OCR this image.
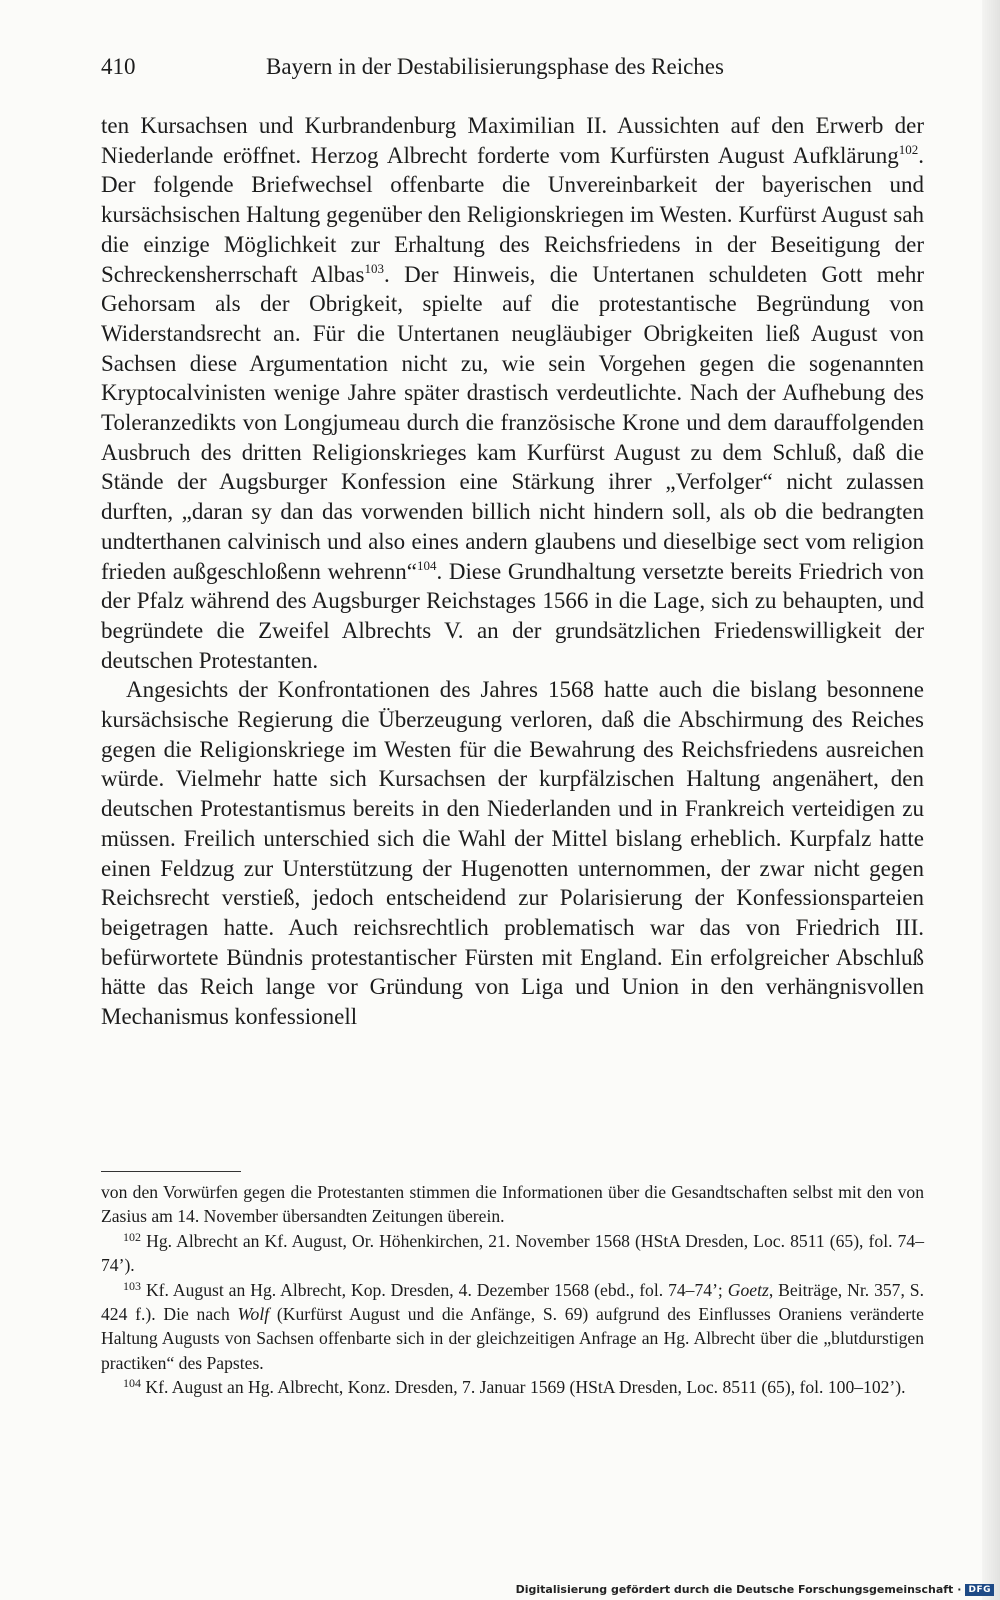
410	Bayern in der Destabilisierungsphase des Reiches

ten Kursachsen und Kurbrandenburg Maximilian II. Aussichten auf den Erwerb der Niederlande eröffnet. Herzog Albrecht forderte vom Kurfürsten August Aufklärung$^{102}$. Der folgende Briefwechsel offenbarte die Unvereinbarkeit der bayerischen und kursächsischen Haltung gegenüber den Religionskriegen im Westen. Kurfürst August sah die einzige Möglichkeit zur Erhaltung des Reichsfriedens in der Beseitigung der Schreckensherrschaft Albas$^{103}$. Der Hinweis, die Untertanen schuldeten Gott mehr Gehorsam als der Obrigkeit, spielte auf die protestantische Begründung von Widerstandsrecht an. Für die Untertanen neugläubiger Obrigkeiten ließ August von Sachsen diese Argumentation nicht zu, wie sein Vorgehen gegen die sogenannten Kryptocalvinisten wenige Jahre später drastisch verdeutlichte. Nach der Aufhebung des Toleranzedikts von Longjumeau durch die französische Krone und dem darauffolgenden Ausbruch des dritten Religionskrieges kam Kurfürst August zu dem Schluß, daß die Stände der Augsburger Konfession eine Stärkung ihrer „Verfolger“ nicht zulassen durften, „daran sy dan das vorwenden billich nicht hindern soll, als ob die bedrangten undterthanen calvinisch und also eines andern glaubens und dieselbige sect vom religion frieden außgeschloßenn wehrenn“$^{104}$. Diese Grundhaltung versetzte bereits Friedrich von der Pfalz während des Augsburger Reichstages 1566 in die Lage, sich zu behaupten, und begründete die Zweifel Albrechts V. an der grundsätzlichen Friedenswilligkeit der deutschen Protestanten.

Angesichts der Konfrontationen des Jahres 1568 hatte auch die bislang besonnene kursächsische Regierung die Überzeugung verloren, daß die Abschirmung des Reiches gegen die Religionskriege im Westen für die Bewahrung des Reichsfriedens ausreichen würde. Vielmehr hatte sich Kursachsen der kurpfälzischen Haltung angenähert, den deutschen Protestantismus bereits in den Niederlanden und in Frankreich verteidigen zu müssen. Freilich unterschied sich die Wahl der Mittel bislang erheblich. Kurpfalz hatte einen Feldzug zur Unterstützung der Hugenotten unternommen, der zwar nicht gegen Reichsrecht verstieß, jedoch entscheidend zur Polarisierung der Konfessionsparteien beigetragen hatte. Auch reichsrechtlich problematisch war das von Friedrich III. befürwortete Bündnis protestantischer Fürsten mit England. Ein erfolgreicher Abschluß hätte das Reich lange vor Gründung von Liga und Union in den verhängnisvollen Mechanismus konfessionell

von den Vorwürfen gegen die Protestanten stimmen die Informationen über die Gesandtschaften selbst mit den von Zasius am 14. November übersandten Zeitungen überein.

$^{102}$ Hg. Albrecht an Kf. August, Or. Höhenkirchen, 21. November 1568 (HStA Dresden, Loc. 8511 (65), fol. 74–74’).

$^{103}$ Kf. August an Hg. Albrecht, Kop. Dresden, 4. Dezember 1568 (ebd., fol. 74–74’; Goetz, Beiträge, Nr. 357, S. 424 f.). Die nach Wolf (Kurfürst August und die Anfänge, S. 69) aufgrund des Einflusses Oraniens veränderte Haltung Augusts von Sachsen offenbarte sich in der gleichzeitigen Anfrage an Hg. Albrecht über die „blutdurstigen practiken“ des Papstes.

$^{104}$ Kf. August an Hg. Albrecht, Konz. Dresden, 7. Januar 1569 (HStA Dresden, Loc. 8511 (65), fol. 100–102’).

Digitalisierung gefördert durch die Deutsche Forschungsgemeinschaft · DFG
